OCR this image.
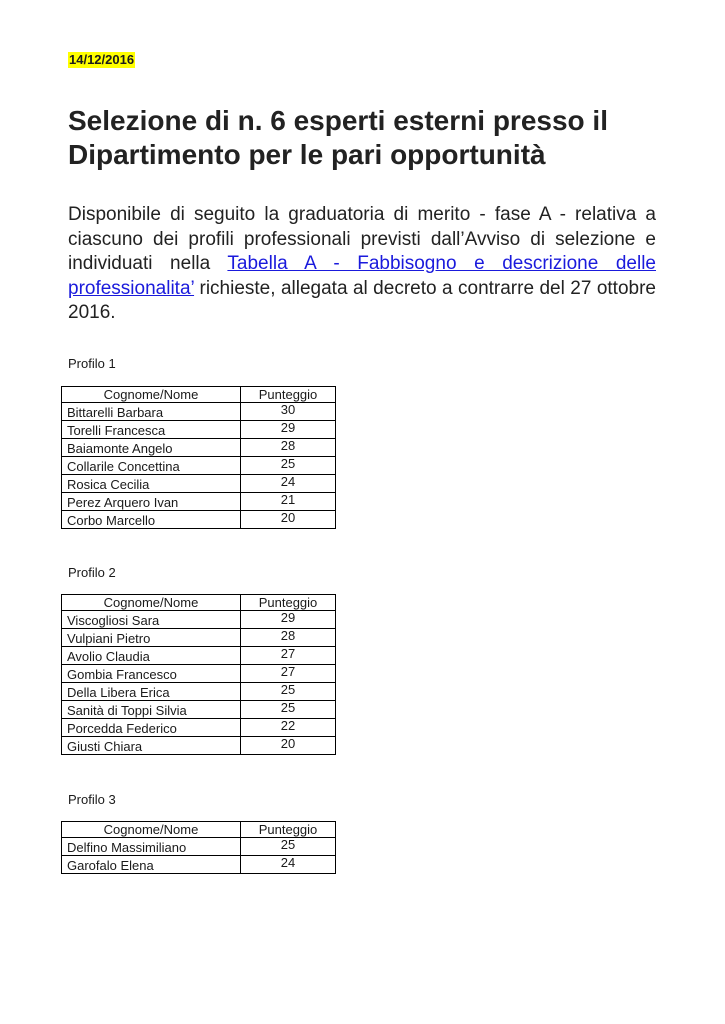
14/12/2016
Selezione di n. 6 esperti esterni presso il Dipartimento per le pari opportunità

Disponibile di seguito la graduatoria di merito - fase A - relativa a ciascuno dei profili professionali previsti dall’Avviso di selezione e individuati nella Tabella A - Fabbisogno e descrizione delle professionalita’ richieste, allegata al decreto a contrarre del 27 ottobre 2016.

Profilo 1
Cognome/Nome	Punteggio
Bittarelli Barbara	30
Torelli Francesca	29
Baiamonte Angelo	28
Collarile Concettina	25
Rosica Cecilia	24
Perez Arquero Ivan	21
Corbo Marcello	20
Profilo 2
Cognome/Nome	Punteggio
Viscogliosi Sara	29
Vulpiani Pietro	28
Avolio Claudia	27
Gombia Francesco	27
Della Libera Erica	25
Sanità di Toppi Silvia	25
Porcedda Federico	22
Giusti Chiara	20
Profilo 3
Cognome/Nome	Punteggio
Delfino Massimiliano	25
Garofalo Elena	24
